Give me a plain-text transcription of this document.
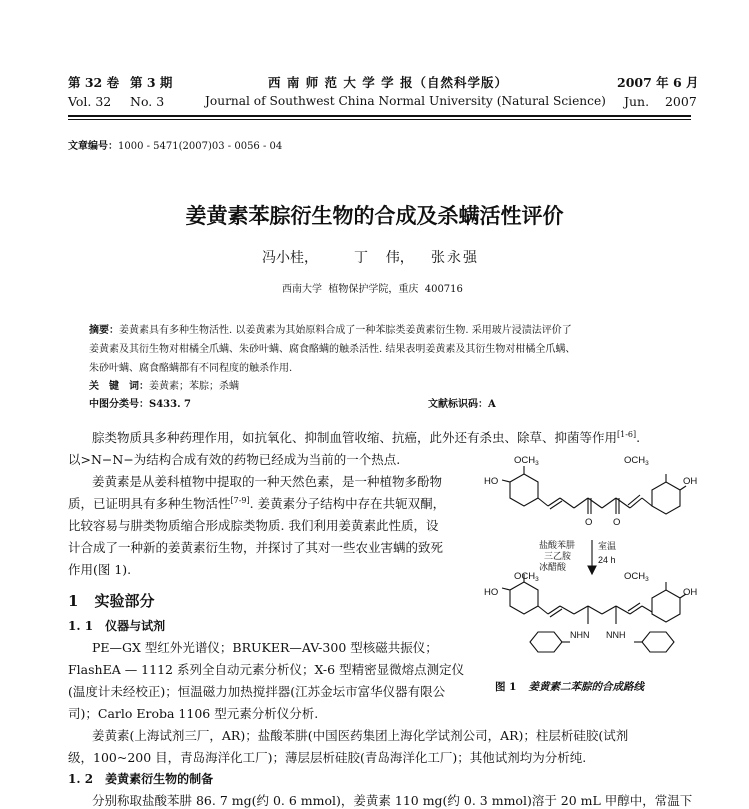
第 32 卷 第 3 期	西 南 师 范 大 学 学 报（自然科学版）	2007 年 6 月
Vol. 32 No. 3	Journal of Southwest China Normal University (Natural Science) Jun.    2007
文章编号：1000 - 5471(2007)03 - 0056 - 04
姜黄素苯腙衍生物的合成及杀螨活性评价
冯小桂，	丁    伟， 张永强
西南大学  植物保护学院，重庆  400716
摘要：姜黄素具有多种生物活性. 以姜黄素为其始原料合成了一种苯腙类姜黄素衍生物. 采用玻片浸渍法评价了
姜黄素及其衍生物对柑橘全爪螨、朱砂叶螨、腐食酪螨的触杀活性. 结果表明姜黄素及其衍生物对柑橘全爪螨、
朱砂叶螨、腐食酪螨都有不同程度的触杀作用.
关　键　词：姜黄素；苯腙；杀螨
中图分类号：S433. 7	文献标识码：A
腙类物质具多种药理作用，如抗氧化、抑制血管收缩、抗癌，此外还有杀虫、除草、抑菌等作用[1-6].
以>N−N−为结构合成有效的药物已经成为当前的一个热点.
姜黄素是从姜科植物中提取的一种天然色素，是一种植物多酚物
质，已证明具有多种生物活性[7-9]. 姜黄素分子结构中存在共轭双酮，
比较容易与肼类物质缩合形成腙类物质. 我们利用姜黄素此性质，设
计合成了一种新的姜黄素衍生物，并探讨了其对一些农业害螨的致死
作用(图 1).
1 实验部分
1. 1 仪器与试剂
PE—GX 型红外光谱仪；BRUKER—AV-300 型核磁共振仪；
FlashEA — 1112 系列全自动元素分析仪；X-6 型精密显微熔点测定仪
(温度计未经校正)；恒温磁力加热搅拌器(江苏金坛市富华仪器有限公
司)；Carlo Eroba 1106 型元素分析仪分析.
姜黄素(上海试剂三厂，AR)；盐酸苯肼(中国医药集团上海化学试剂公司，AR)；柱层析硅胶(试剂
级，100~200 目，青岛海洋化工厂)；薄层层析硅胶(青岛海洋化工厂)；其他试剂均为分析纯.
1. 2 姜黄素衍生物的制备
分别称取盐酸苯肼 86. 7 mg(约 0. 6 mmol)，姜黄素 110 mg(约 0. 3 mmol)溶于 20 mL 甲醇中，常温下
$OCH_3$	$OCH_3$
HO	OH
O O
盐酸苯肼
三乙胺
冰醋酸
室温
24 h
$OCH_3$	$OCH_3$
HO	OH
NHN NNH
图 1 姜黄素二苯腙的合成路线
